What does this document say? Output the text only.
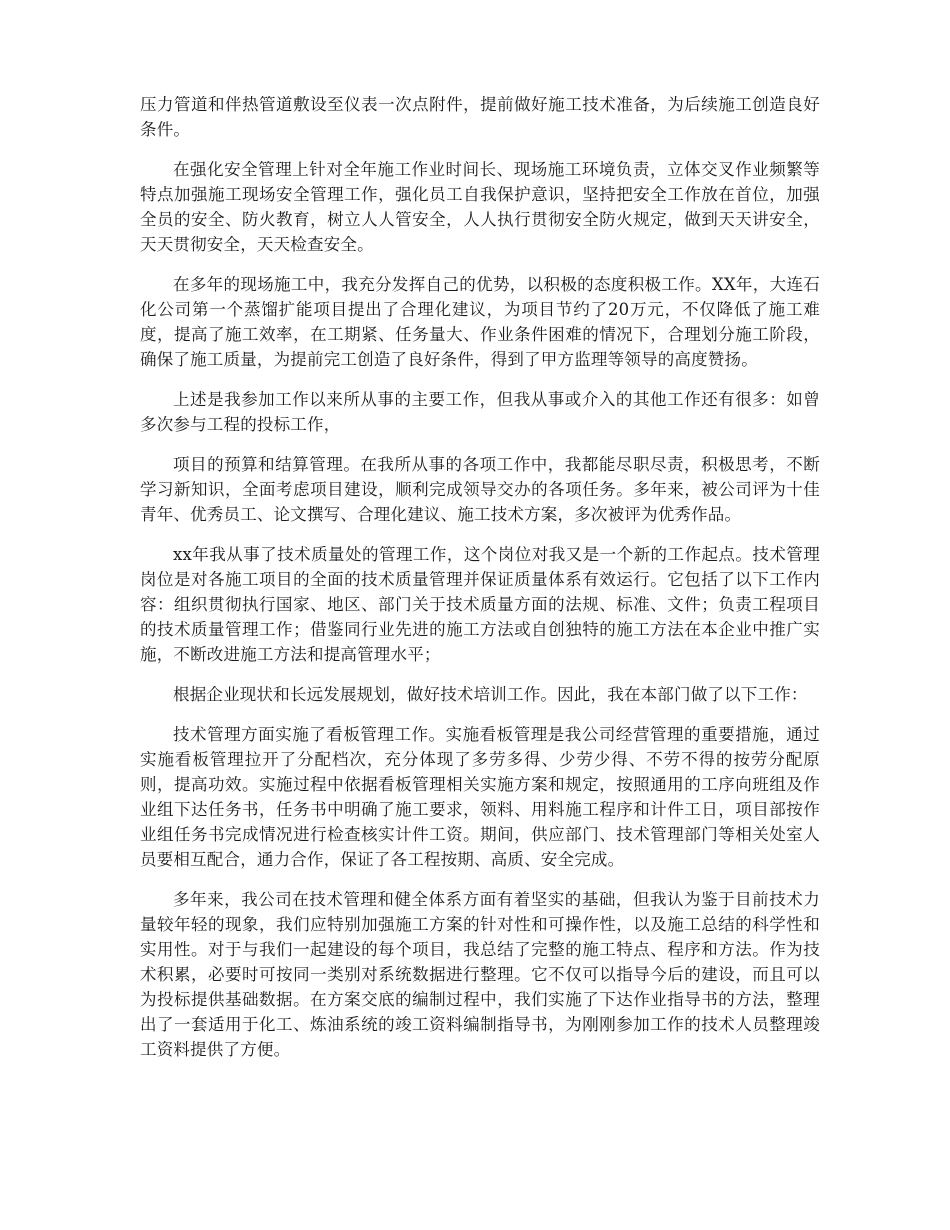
压力管道和伴热管道敷设至仪表一次点附件，提前做好施工技术准备，为后续施工创造良好条件。

在强化安全管理上针对全年施工作业时间长、现场施工环境负责，立体交叉作业频繁等特点加强施工现场安全管理工作，强化员工自我保护意识，坚持把安全工作放在首位，加强全员的安全、防火教育，树立人人管安全，人人执行贯彻安全防火规定，做到天天讲安全，天天贯彻安全，天天检查安全。

在多年的现场施工中，我充分发挥自己的优势，以积极的态度积极工作。XX年，大连石化公司第一个蒸馏扩能项目提出了合理化建议，为项目节约了20万元，不仅降低了施工难度，提高了施工效率，在工期紧、任务量大、作业条件困难的情况下，合理划分施工阶段，确保了施工质量，为提前完工创造了良好条件，得到了甲方监理等领导的高度赞扬。

上述是我参加工作以来所从事的主要工作，但我从事或介入的其他工作还有很多：如曾多次参与工程的投标工作，

项目的预算和结算管理。在我所从事的各项工作中，我都能尽职尽责，积极思考，不断学习新知识，全面考虑项目建设，顺利完成领导交办的各项任务。多年来，被公司评为十佳青年、优秀员工、论文撰写、合理化建议、施工技术方案，多次被评为优秀作品。

xx年我从事了技术质量处的管理工作，这个岗位对我又是一个新的工作起点。技术管理岗位是对各施工项目的全面的技术质量管理并保证质量体系有效运行。它包括了以下工作内容：组织贯彻执行国家、地区、部门关于技术质量方面的法规、标准、文件；负责工程项目的技术质量管理工作；借鉴同行业先进的施工方法或自创独特的施工方法在本企业中推广实施，不断改进施工方法和提高管理水平；

根据企业现状和长远发展规划，做好技术培训工作。因此，我在本部门做了以下工作：

技术管理方面实施了看板管理工作。实施看板管理是我公司经营管理的重要措施，通过实施看板管理拉开了分配档次，充分体现了多劳多得、少劳少得、不劳不得的按劳分配原则，提高功效。实施过程中依据看板管理相关实施方案和规定，按照通用的工序向班组及作业组下达任务书，任务书中明确了施工要求，领料、用料施工程序和计件工日，项目部按作业组任务书完成情况进行检查核实计件工资。期间，供应部门、技术管理部门等相关处室人员要相互配合，通力合作，保证了各工程按期、高质、安全完成。

多年来，我公司在技术管理和健全体系方面有着坚实的基础，但我认为鉴于目前技术力量较年轻的现象，我们应特别加强施工方案的针对性和可操作性，以及施工总结的科学性和实用性。对于与我们一起建设的每个项目，我总结了完整的施工特点、程序和方法。作为技术积累，必要时可按同一类别对系统数据进行整理。它不仅可以指导今后的建设，而且可以为投标提供基础数据。在方案交底的编制过程中，我们实施了下达作业指导书的方法，整理出了一套适用于化工、炼油系统的竣工资料编制指导书，为刚刚参加工作的技术人员整理竣工资料提供了方便。
